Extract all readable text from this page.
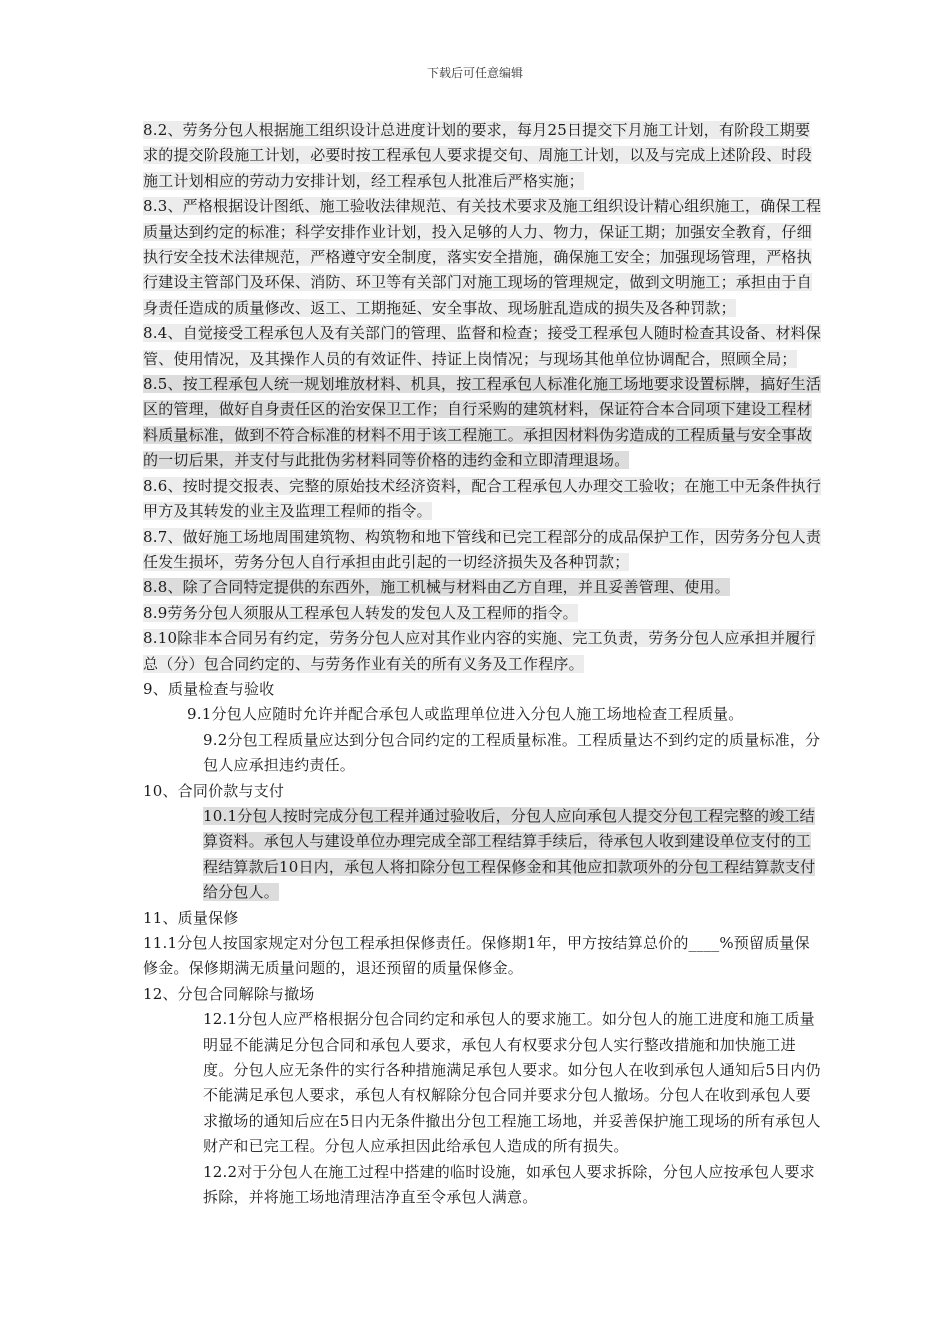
下载后可任意编辑

8.2、劳务分包人根据施工组织设计总进度计划的要求，每月25日提交下月施工计划，有阶段工期要求的提交阶段施工计划，必要时按工程承包人要求提交旬、周施工计划，以及与完成上述阶段、时段施工计划相应的劳动力安排计划，经工程承包人批准后严格实施；

8.3、严格根据设计图纸、施工验收法律规范、有关技术要求及施工组织设计精心组织施工，确保工程质量达到约定的标准；科学安排作业计划，投入足够的人力、物力，保证工期；加强安全教育，仔细执行安全技术法律规范，严格遵守安全制度，落实安全措施，确保施工安全；加强现场管理，严格执行建设主管部门及环保、消防、环卫等有关部门对施工现场的管理规定，做到文明施工；承担由于自身责任造成的质量修改、返工、工期拖延、安全事故、现场脏乱造成的损失及各种罚款；

8.4、自觉接受工程承包人及有关部门的管理、监督和检查；接受工程承包人随时检查其设备、材料保管、使用情况，及其操作人员的有效证件、持证上岗情况；与现场其他单位协调配合，照顾全局；

8.5、按工程承包人统一规划堆放材料、机具，按工程承包人标准化施工场地要求设置标牌，搞好生活区的管理，做好自身责任区的治安保卫工作；自行采购的建筑材料，保证符合本合同项下建设工程材料质量标准，做到不符合标准的材料不用于该工程施工。承担因材料伪劣造成的工程质量与安全事故的一切后果，并支付与此批伪劣材料同等价格的违约金和立即清理退场。

8.6、按时提交报表、完整的原始技术经济资料，配合工程承包人办理交工验收；在施工中无条件执行甲方及其转发的业主及监理工程师的指令。

8.7、做好施工场地周围建筑物、构筑物和地下管线和已完工程部分的成品保护工作，因劳务分包人责任发生损坏，劳务分包人自行承担由此引起的一切经济损失及各种罚款；

8.8、除了合同特定提供的东西外，施工机械与材料由乙方自理，并且妥善管理、使用。

8.9劳务分包人须服从工程承包人转发的发包人及工程师的指令。

8.10除非本合同另有约定，劳务分包人应对其作业内容的实施、完工负责，劳务分包人应承担并履行总（分）包合同约定的、与劳务作业有关的所有义务及工作程序。

9、质量检查与验收

9.1分包人应随时允许并配合承包人或监理单位进入分包人施工场地检查工程质量。

9.2分包工程质量应达到分包合同约定的工程质量标准。工程质量达不到约定的质量标准，分包人应承担违约责任。

10、合同价款与支付

10.1分包人按时完成分包工程并通过验收后，分包人应向承包人提交分包工程完整的竣工结算资料。承包人与建设单位办理完成全部工程结算手续后，待承包人收到建设单位支付的工程结算款后10日内，承包人将扣除分包工程保修金和其他应扣款项外的分包工程结算款支付给分包人。

11、质量保修

11.1分包人按国家规定对分包工程承担保修责任。保修期1年，甲方按结算总价的____%预留质量保修金。保修期满无质量问题的，退还预留的质量保修金。

12、分包合同解除与撤场

12.1分包人应严格根据分包合同约定和承包人的要求施工。如分包人的施工进度和施工质量明显不能满足分包合同和承包人要求，承包人有权要求分包人实行整改措施和加快施工进度。分包人应无条件的实行各种措施满足承包人要求。如分包人在收到承包人通知后5日内仍不能满足承包人要求，承包人有权解除分包合同并要求分包人撤场。分包人在收到承包人要求撤场的通知后应在5日内无条件撤出分包工程施工场地，并妥善保护施工现场的所有承包人财产和已完工程。分包人应承担因此给承包人造成的所有损失。

12.2对于分包人在施工过程中搭建的临时设施，如承包人要求拆除，分包人应按承包人要求拆除，并将施工场地清理洁净直至令承包人满意。
